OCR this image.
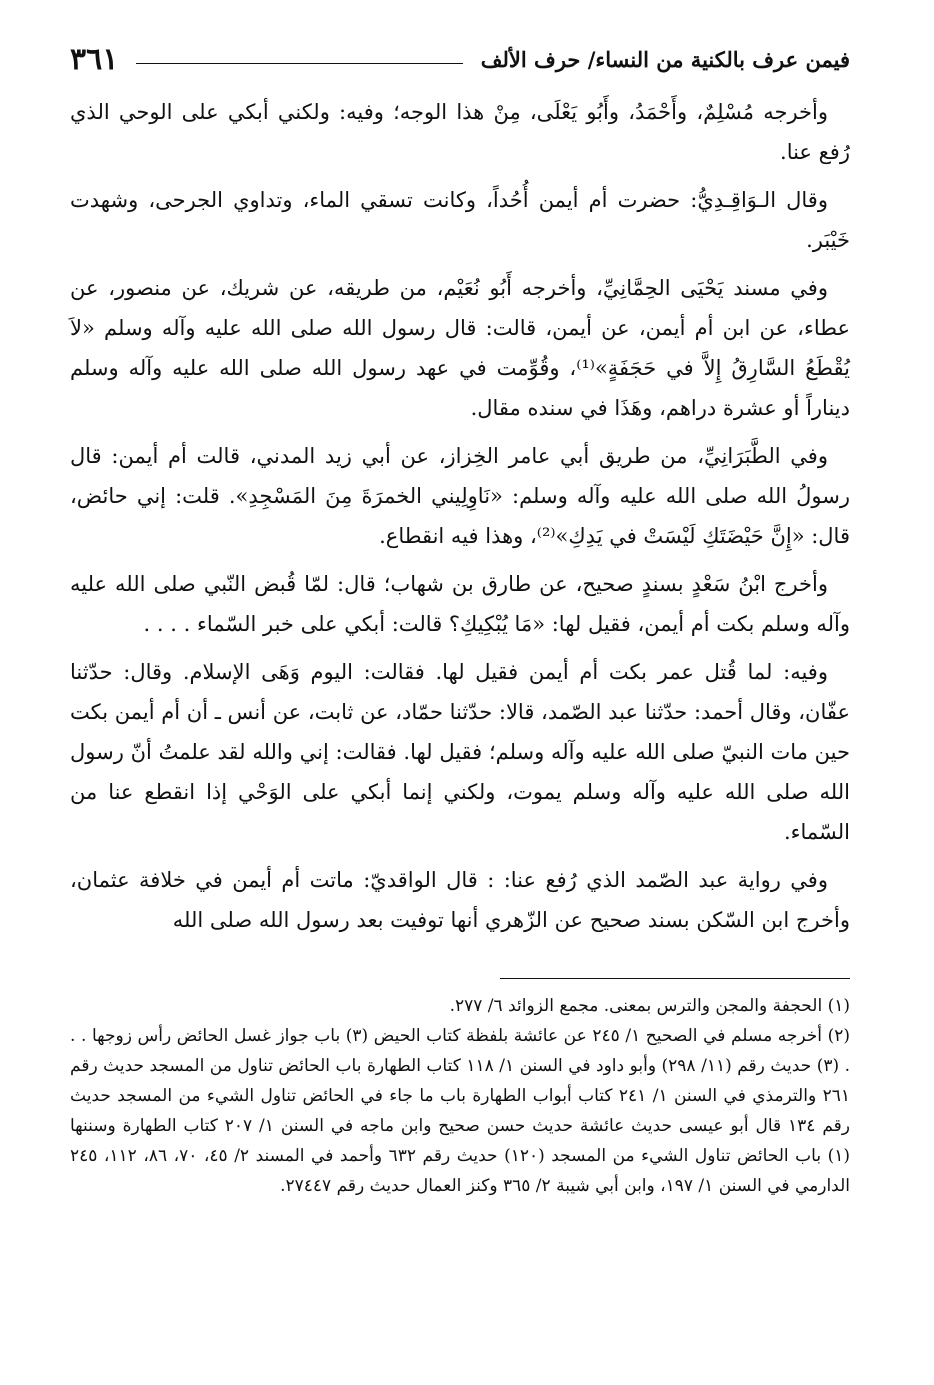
فيمن عرف بالكنية من النساء/ حرف الألف
٣٦١

وأخرجه مُسْلِمٌ، وأَحْمَدُ، وأَبُو يَعْلَى، مِنْ هذا الوجه؛ وفيه: ولكني أبكي على الوحي الذي رُفع عنا.

وقال الـوَاقِـدِيُّ: حضرت أم أيمن أُحُداً، وكانت تسقي الماء، وتداوي الجرحى، وشهدت خَيْبَر.

وفي مسند يَحْيَى الحِمَّانِيِّ، وأخرجه أَبُو نُعَيْم، من طريقه، عن شريك، عن منصور، عن عطاء، عن ابن أم أيمن، عن أيمن، قالت: قال رسول الله صلى الله عليه وآله وسلم «لاَ يُقْطَعُ السَّارِقُ إِلاَّ في حَجَفَةٍ»⁽¹⁾، وقُوِّمت في عهد رسول الله صلى الله عليه وآله وسلم ديناراً أو عشرة دراهم، وهَذَا في سنده مقال.

وفي الطَّبَرَانِيِّ، من طريق أبي عامر الخِزاز، عن أبي زيد المدني، قالت أم أيمن: قال رسولُ الله صلى الله عليه وآله وسلم: «نَاوِلِيني الخمرَةَ مِنَ المَسْجِدِ». قلت: إني حائض، قال: «إِنَّ حَيْضَتَكِ لَيْسَتْ في يَدِكِ»⁽²⁾، وهذا فيه انقطاع.

وأخرج ابْنُ سَعْدٍ بسندٍ صحيح، عن طارق بن شهاب؛ قال: لمّا قُبض النّبي صلى الله عليه وآله وسلم بكت أم أيمن، فقيل لها: «مَا يُبْكِيكِ؟ قالت: أبكي على خبر السّماء . . . .

وفيه: لما قُتل عمر بكت أم أيمن فقيل لها. فقالت: اليوم وَهَى الإسلام. وقال: حدّثنا عفّان، وقال أحمد: حدّثنا عبد الصّمد، قالا: حدّثنا حمّاد، عن ثابت، عن أنس ـ أن أم أيمن بكت حين مات النبيّ صلى الله عليه وآله وسلم؛ فقيل لها. فقالت: إني والله لقد علمتُ أنّ رسول الله صلى الله عليه وآله وسلم يموت، ولكني إنما أبكي على الوَحْي إذا انقطع عنا من السّماء.

وفي رواية عبد الصّمد الذي رُفع عنا: : قال الواقديّ: ماتت أم أيمن في خلافة عثمان، وأخرج ابن السّكن بسند صحيح عن الزّهري أنها توفيت بعد رسول الله صلى الله

(١) الحجفة والمجن والترس بمعنى. مجمع الزوائد ٦/ ٢٧٧.

(٢) أخرجه مسلم في الصحيح ١/ ٢٤٥ عن عائشة بلفظة كتاب الحيض (٣) باب جواز غسل الحائض رأس زوجها . . . (٣) حديث رقم (١١/ ٢٩٨) وأبو داود في السنن ١/ ١١٨ كتاب الطهارة باب الحائض تناول من المسجد حديث رقم ٢٦١ والترمذي في السنن ١/ ٢٤١ كتاب أبواب الطهارة باب ما جاء في الحائض تناول الشيء من المسجد حديث رقم ١٣٤ قال أبو عيسى حديث عائشة حديث حسن صحيح وابن ماجه في السنن ١/ ٢٠٧ كتاب الطهارة وسننها (١) باب الحائض تناول الشيء من المسجد (١٢٠) حديث رقم ٦٣٢ وأحمد في المسند ٢/ ٤٥، ٧٠، ٨٦، ١١٢، ٢٤٥ الدارمي في السنن ١/ ١٩٧، وابن أبي شيبة ٢/ ٣٦٥ وكنز العمال حديث رقم ٢٧٤٤٧.
